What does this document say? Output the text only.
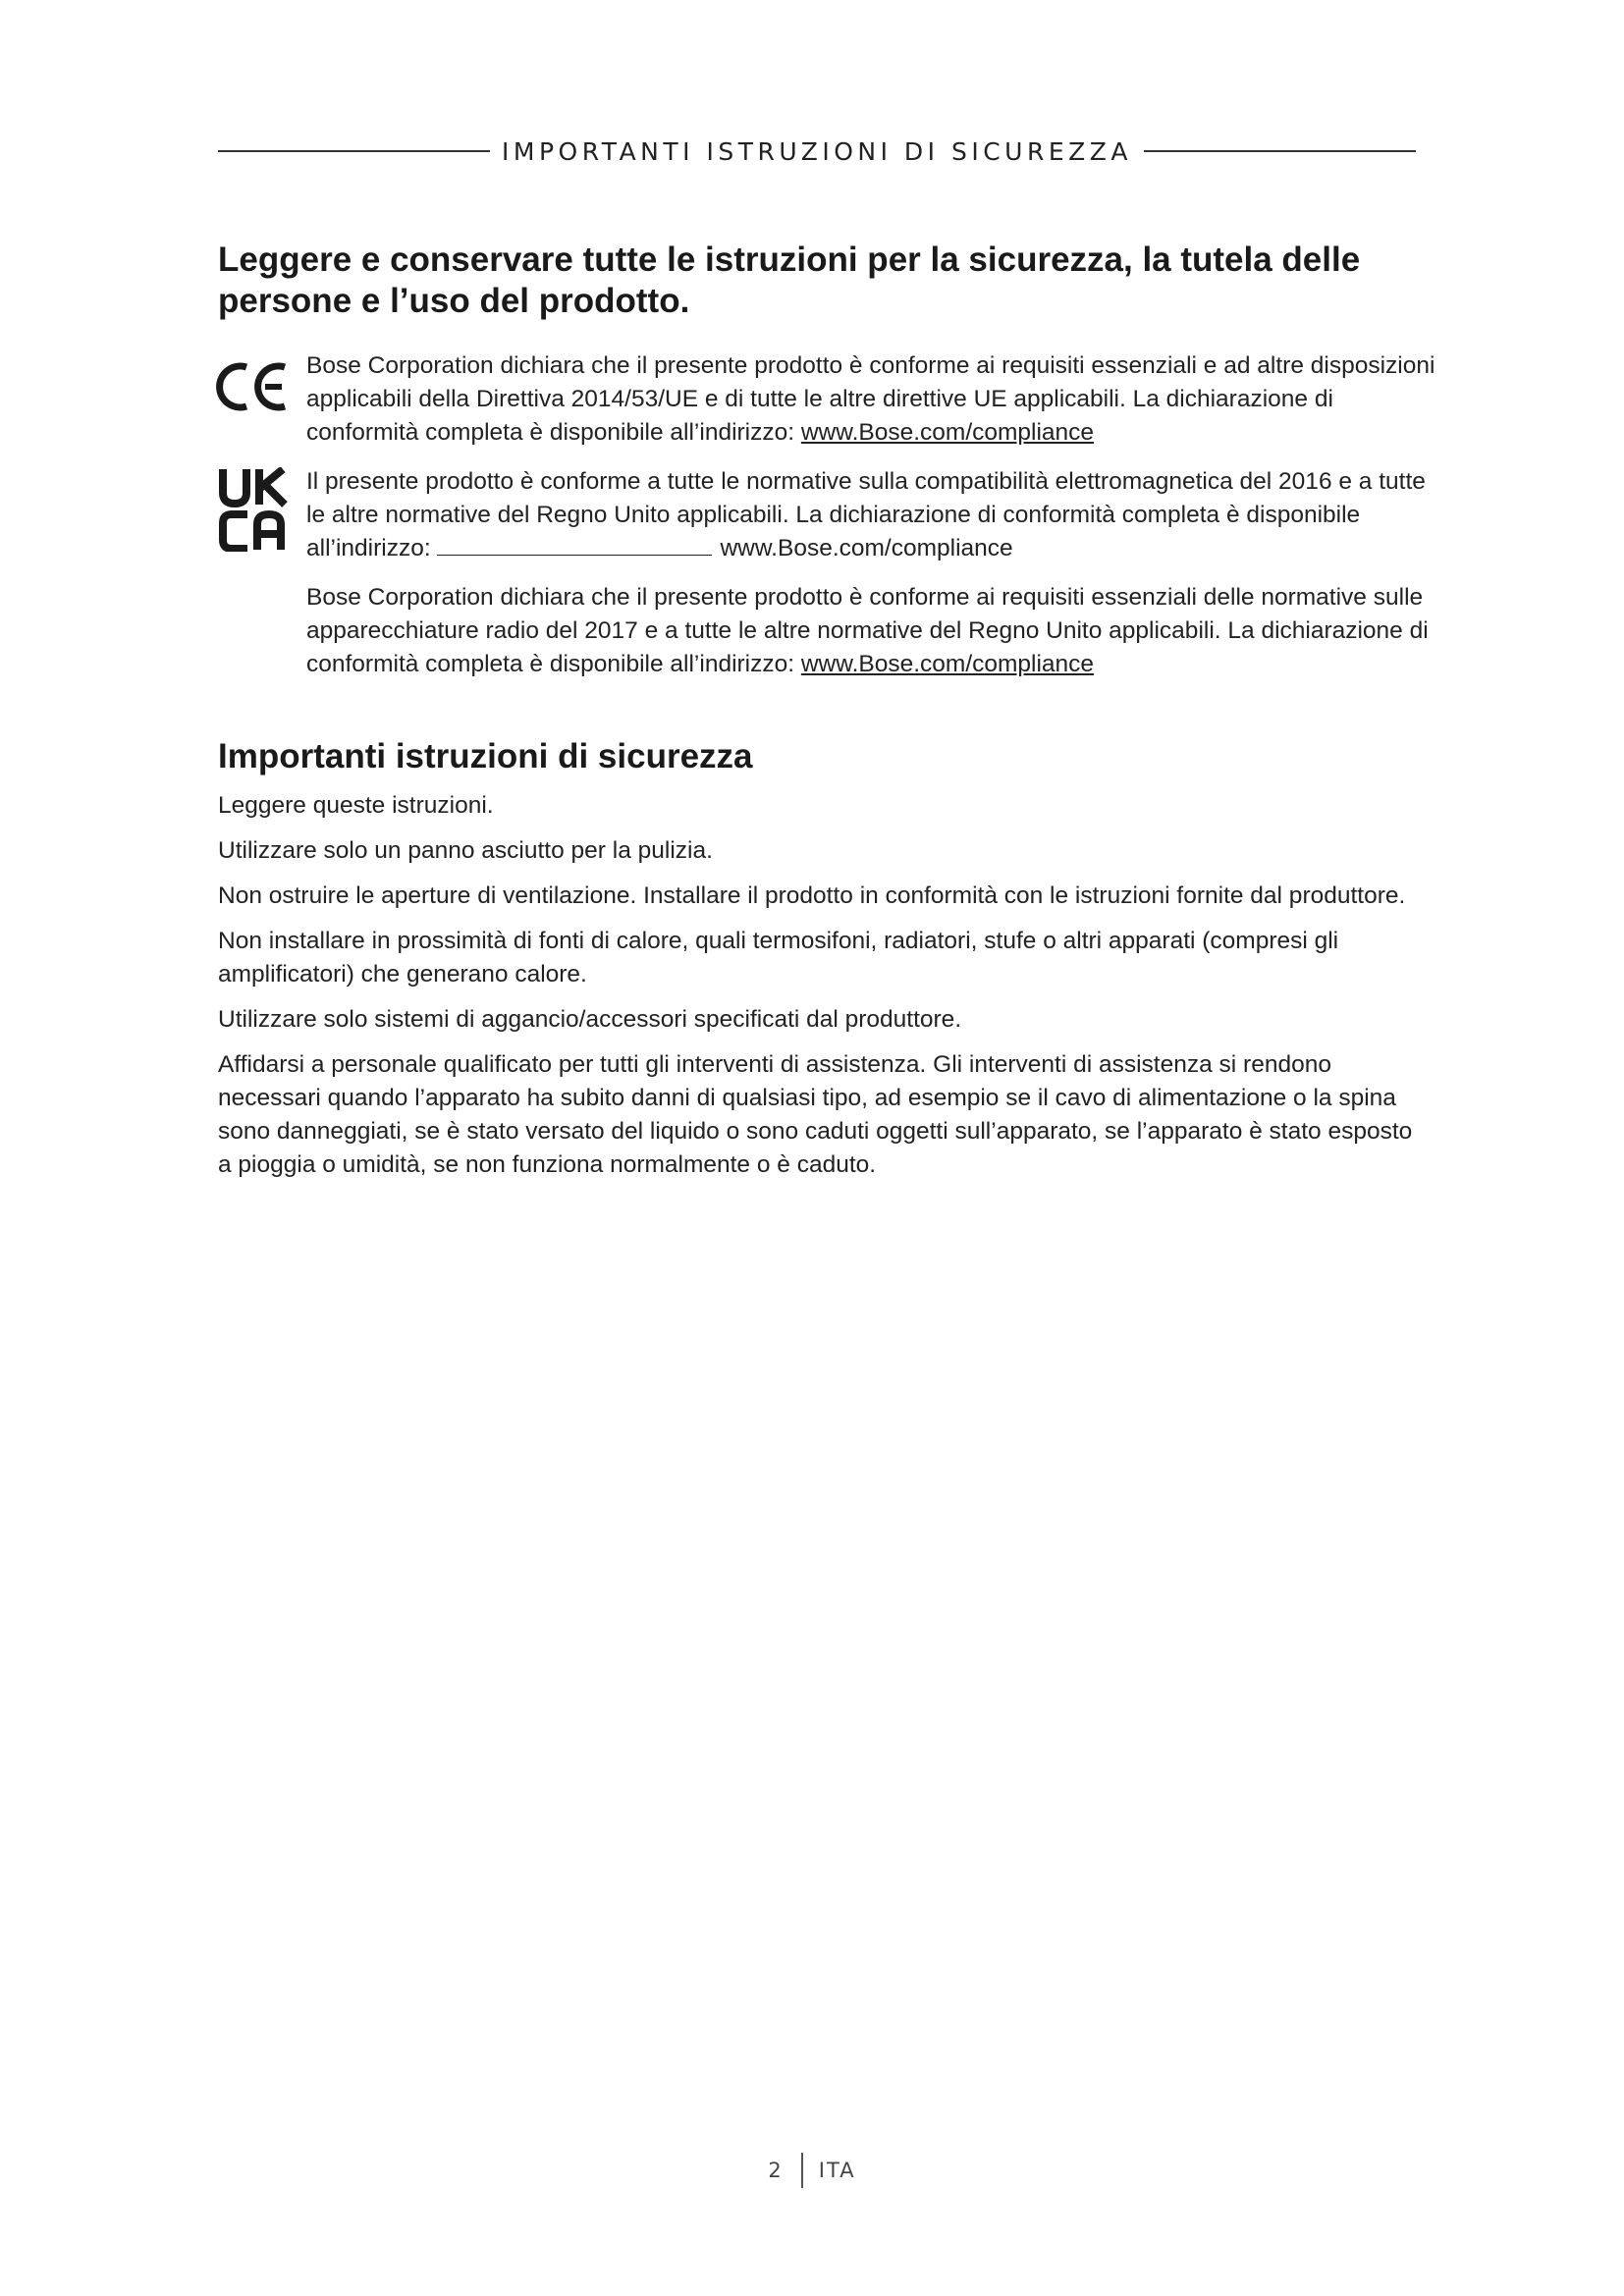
IMPORTANTI ISTRUZIONI DI SICUREZZA
Leggere e conservare tutte le istruzioni per la sicurezza, la tutela delle persone e l’uso del prodotto.

Bose Corporation dichiara che il presente prodotto è conforme ai requisiti essenziali e ad altre disposizioni applicabili della Direttiva 2014/53/UE e di tutte le altre direttive UE applicabili. La dichiarazione di conformità completa è disponibile all’indirizzo: www.Bose.com/compliance

Il presente prodotto è conforme a tutte le normative sulla compatibilità elettromagnetica del 2016 e a tutte le altre normative del Regno Unito applicabili. La dichiarazione di conformità completa è disponibile all’indirizzo:	www.Bose.com/compliance

Bose Corporation dichiara che il presente prodotto è conforme ai requisiti essenziali delle normative sulle apparecchiature radio del 2017 e a tutte le altre normative del Regno Unito applicabili. La dichiarazione di conformità completa è disponibile all’indirizzo: www.Bose.com/compliance

Importanti istruzioni di sicurezza
Leggere queste istruzioni.
Utilizzare solo un panno asciutto per la pulizia.
Non ostruire le aperture di ventilazione. Installare il prodotto in conformità con le istruzioni fornite dal produttore.
Non installare in prossimità di fonti di calore, quali termosifoni, radiatori, stufe o altri apparati (compresi gli amplificatori) che generano calore.
Utilizzare solo sistemi di aggancio/accessori specificati dal produttore.
Affidarsi a personale qualificato per tutti gli interventi di assistenza. Gli interventi di assistenza si rendono necessari quando l’apparato ha subito danni di qualsiasi tipo, ad esempio se il cavo di alimentazione o la spina sono danneggiati, se è stato versato del liquido o sono caduti oggetti sull’apparato, se l’apparato è stato esposto a pioggia o umidità, se non funziona normalmente o è caduto.
2 ITA
